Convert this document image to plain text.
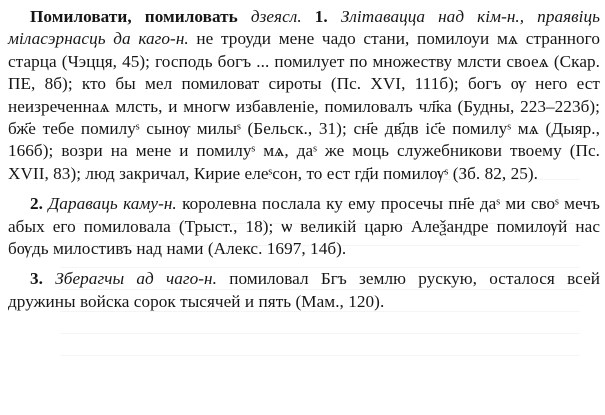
Помиловати, помиловать дзеясл. 1. Злітаваццa над кім-н., праявіць міласэрнасць да каго-н. не троуди мене чадо стани, помилоуи мѧ странного старца (Чэцця, 45); господь богъ ... помилует по множеству млсти своеѧ (Скар. ПЕ, 8б); кто бы мел помиловат сироты (Пс. XVI, 111б); богъ ѹ него ест неизреченнаѧ млсть, и многѡ избавленіе, помиловалъ чл҃ка (Будны, 223–223б); бж҃е тебе помилуˢ сынѹ милыˢ (Бельск., 31); сн҃е дв҃дв іс҃е помилуˢ мѧ (Дыяр., 166б); возри на мене и помилуˢ мѧ, даˢ же моць служебникови твоему (Пс. XVII, 83); люд закричал, Кирие елеˢсон, то ест гд҃и помилѹˢ (Зб. 82, 25).

2. Дараваць каму-н. королевна послала ку ему просечы пн҃е даˢ ми своˢ мечъ абых его помиловала (Трыст., 18); ѡ великій царю Алеѯандре помилѹй нас бѹдь милостивъ над нами (Алекс. 1697, 14б).

3. Зберагчы ад чаго-н. помиловал Бгъ землю рускую, осталося всей дружины войска сорок тысячей и пять (Мам., 120).
